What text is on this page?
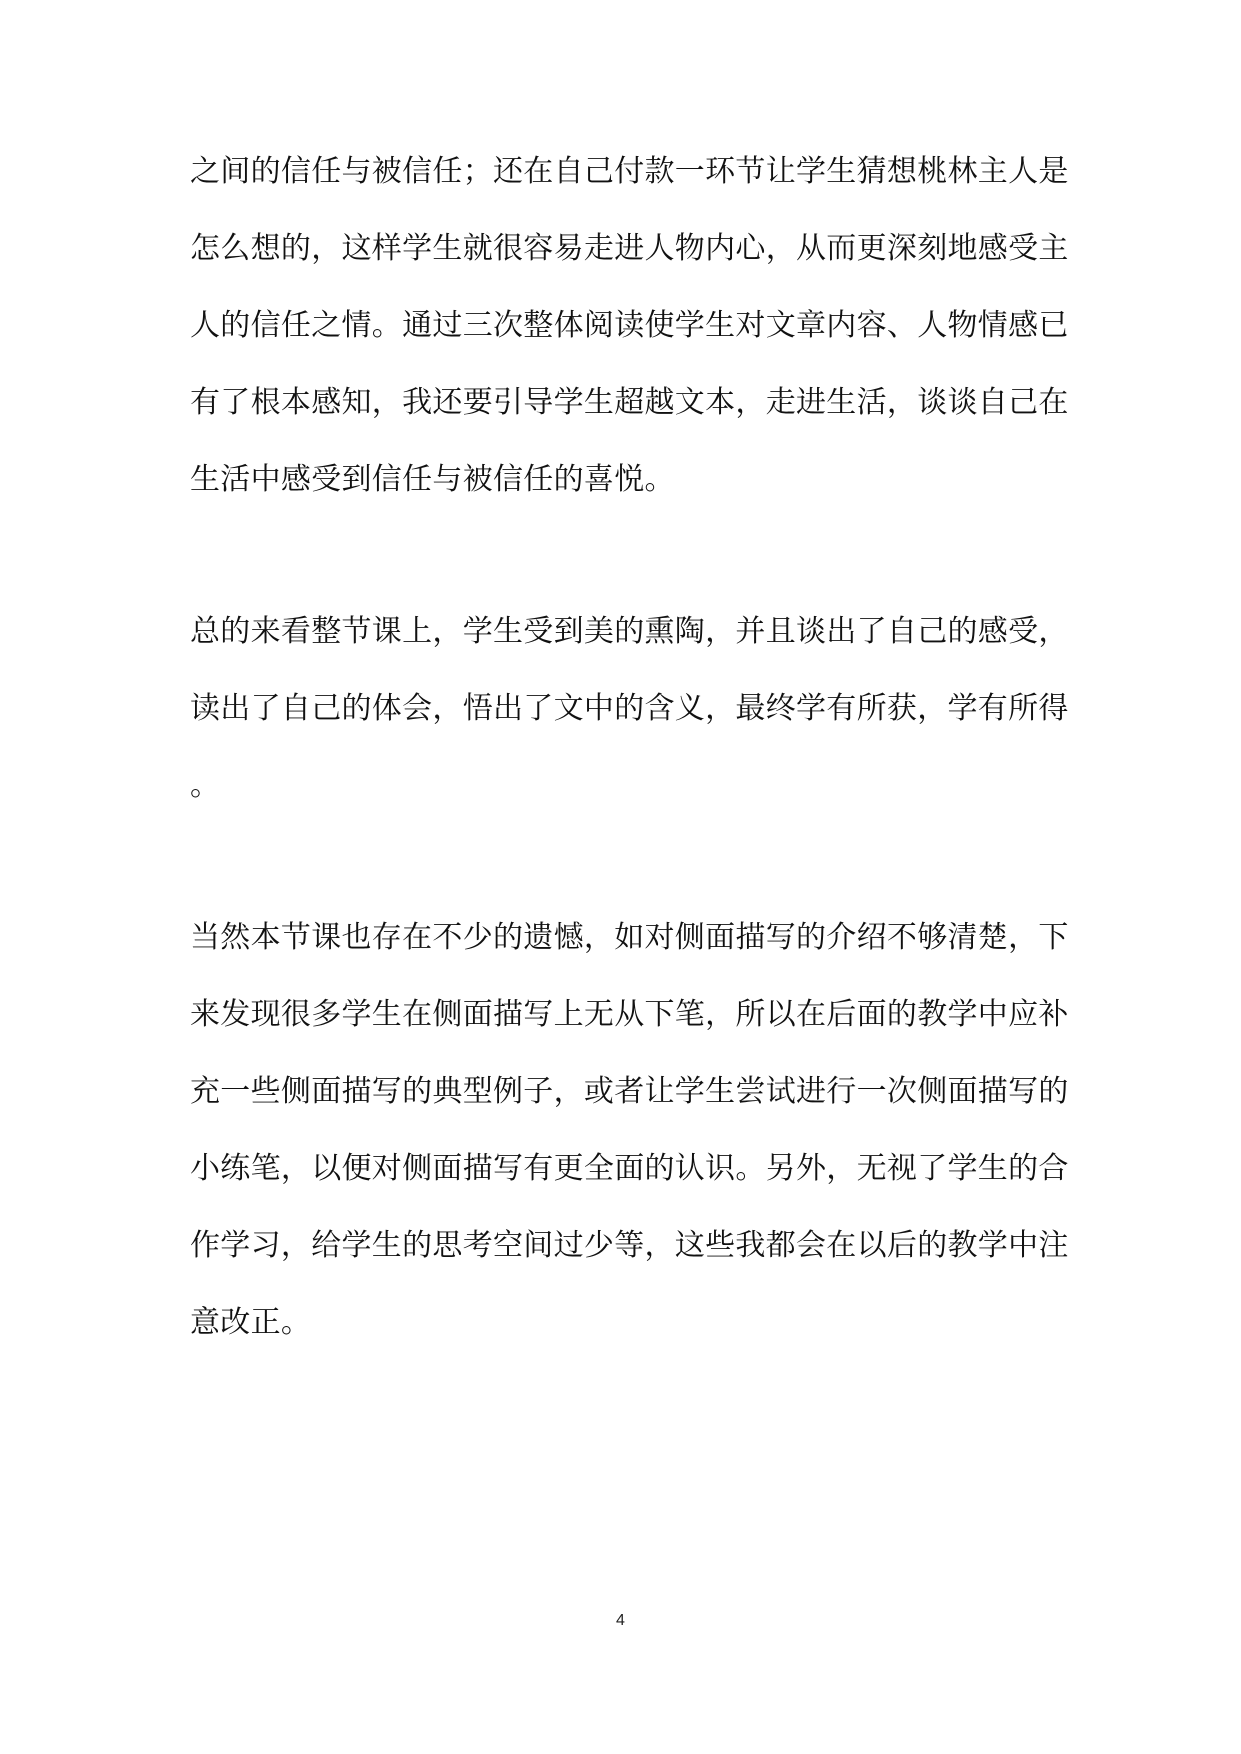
之间的信任与被信任；还在自己付款一环节让学生猜想桃林主人是
怎么想的，这样学生就很容易走进人物内心，从而更深刻地感受主
人的信任之情。通过三次整体阅读使学生对文章内容、人物情感已
有了根本感知，我还要引导学生超越文本，走进生活，谈谈自己在
生活中感受到信任与被信任的喜悦。
总的来看整节课上，学生受到美的熏陶，并且谈出了自己的感受，
读出了自己的体会，悟出了文中的含义，最终学有所获，学有所得
。
当然本节课也存在不少的遗憾，如对侧面描写的介绍不够清楚，下
来发现很多学生在侧面描写上无从下笔，所以在后面的教学中应补
充一些侧面描写的典型例子，或者让学生尝试进行一次侧面描写的
小练笔，以便对侧面描写有更全面的认识。另外，无视了学生的合
作学习，给学生的思考空间过少等，这些我都会在以后的教学中注
意改正。
4
